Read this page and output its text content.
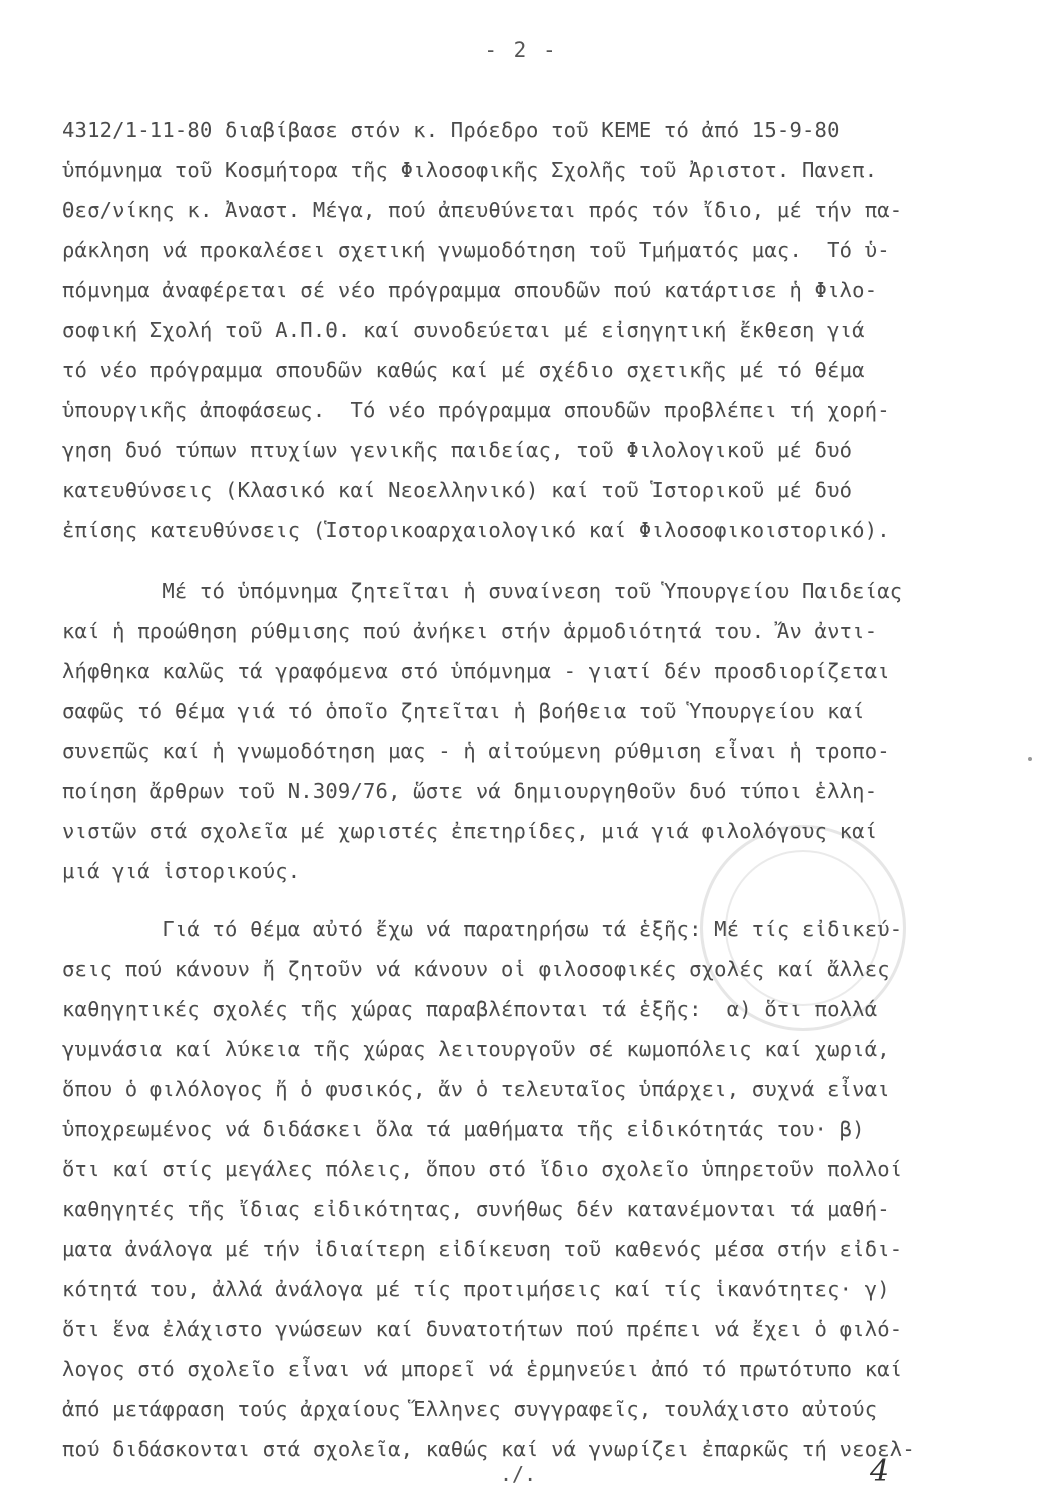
- 2 -
4312/1-11-80 διαβίβασε στόν κ. Πρόεδρο τοῦ ΚΕΜΕ τό ἀπό 15-9-80
ὑπόμνημα τοῦ Κοσμήτορα τῆς Φιλοσοφικῆς Σχολῆς τοῦ Ἀριστοτ. Πανεπ.
Θεσ/νίκης κ. Ἀναστ. Μέγα, πού ἀπευθύνεται πρός τόν ἴδιο, μέ τήν πα-
ράκληση νά προκαλέσει σχετική γνωμοδότηση τοῦ Τμήματός μας.  Τό ὑ-
πόμνημα ἀναφέρεται σέ νέο πρόγραμμα σπουδῶν πού κατάρτισε ἡ Φιλο-
σοφική Σχολή τοῦ Α.Π.Θ. καί συνοδεύεται μέ εἰσηγητική ἔκθεση γιά
τό νέο πρόγραμμα σπουδῶν καθώς καί μέ σχέδιο σχετικῆς μέ τό θέμα
ὑπουργικῆς ἀποφάσεως.  Τό νέο πρόγραμμα σπουδῶν προβλέπει τή χορή-
γηση δυό τύπων πτυχίων γενικῆς παιδείας, τοῦ Φιλολογικοῦ μέ δυό
κατευθύνσεις (Κλασικό καί Νεοελληνικό) καί τοῦ Ἱστορικοῦ μέ δυό
ἐπίσης κατευθύνσεις (Ἱστορικοαρχαιολογικό καί Φιλοσοφικοιστορικό).
Μέ τό ὑπόμνημα ζητεῖται ἡ συναίνεση τοῦ Ὑπουργείου Παιδείας
καί ἡ προώθηση ρύθμισης πού ἀνήκει στήν ἁρμοδιότητά του. Ἄν ἀντι-
λήφθηκα καλῶς τά γραφόμενα στό ὑπόμνημα - γιατί δέν προσδιορίζεται
σαφῶς τό θέμα γιά τό ὁποῖο ζητεῖται ἡ βοήθεια τοῦ Ὑπουργείου καί
συνεπῶς καί ἡ γνωμοδότηση μας - ἡ αἰτούμενη ρύθμιση εἶναι ἡ τροπο-
ποίηση ἄρθρων τοῦ Ν.309/76, ὥστε νά δημιουργηθοῦν δυό τύποι ἑλλη-
νιστῶν στά σχολεῖα μέ χωριστές ἐπετηρίδες, μιά γιά φιλολόγους καί
μιά γιά ἱστορικούς.
Γιά τό θέμα αὐτό ἔχω νά παρατηρήσω τά ἑξῆς: Μέ τίς εἰδικεύ-
σεις πού κάνουν ἤ ζητοῦν νά κάνουν οἱ φιλοσοφικές σχολές καί ἄλλες
καθηγητικές σχολές τῆς χώρας παραβλέπονται τά ἑξῆς:  α) ὅτι πολλά
γυμνάσια καί λύκεια τῆς χώρας λειτουργοῦν σέ κωμοπόλεις καί χωριά,
ὅπου ὁ φιλόλογος ἤ ὁ φυσικός, ἄν ὁ τελευταῖος ὑπάρχει, συχνά εἶναι
ὑποχρεωμένος νά διδάσκει ὅλα τά μαθήματα τῆς εἰδικότητάς του· β)
ὅτι καί στίς μεγάλες πόλεις, ὅπου στό ἴδιο σχολεῖο ὑπηρετοῦν πολλοί
καθηγητές τῆς ἴδιας εἰδικότητας, συνήθως δέν κατανέμονται τά μαθή-
ματα ἀνάλογα μέ τήν ἰδιαίτερη εἰδίκευση τοῦ καθενός μέσα στήν εἰδι-
κότητά του, ἀλλά ἀνάλογα μέ τίς προτιμήσεις καί τίς ἱκανότητες· γ)
ὅτι ἕνα ἐλάχιστο γνώσεων καί δυνατοτήτων πού πρέπει νά ἔχει ὁ φιλό-
λογος στό σχολεῖο εἶναι νά μπορεῖ νά ἑρμηνεύει ἀπό τό πρωτότυπο καί
ἀπό μετάφραση τούς ἀρχαίους Ἕλληνες συγγραφεῖς, τουλάχιστο αὐτούς
πού διδάσκονται στά σχολεῖα, καθώς καί νά γνωρίζει ἐπαρκῶς τή νεοελ-
./.	4
